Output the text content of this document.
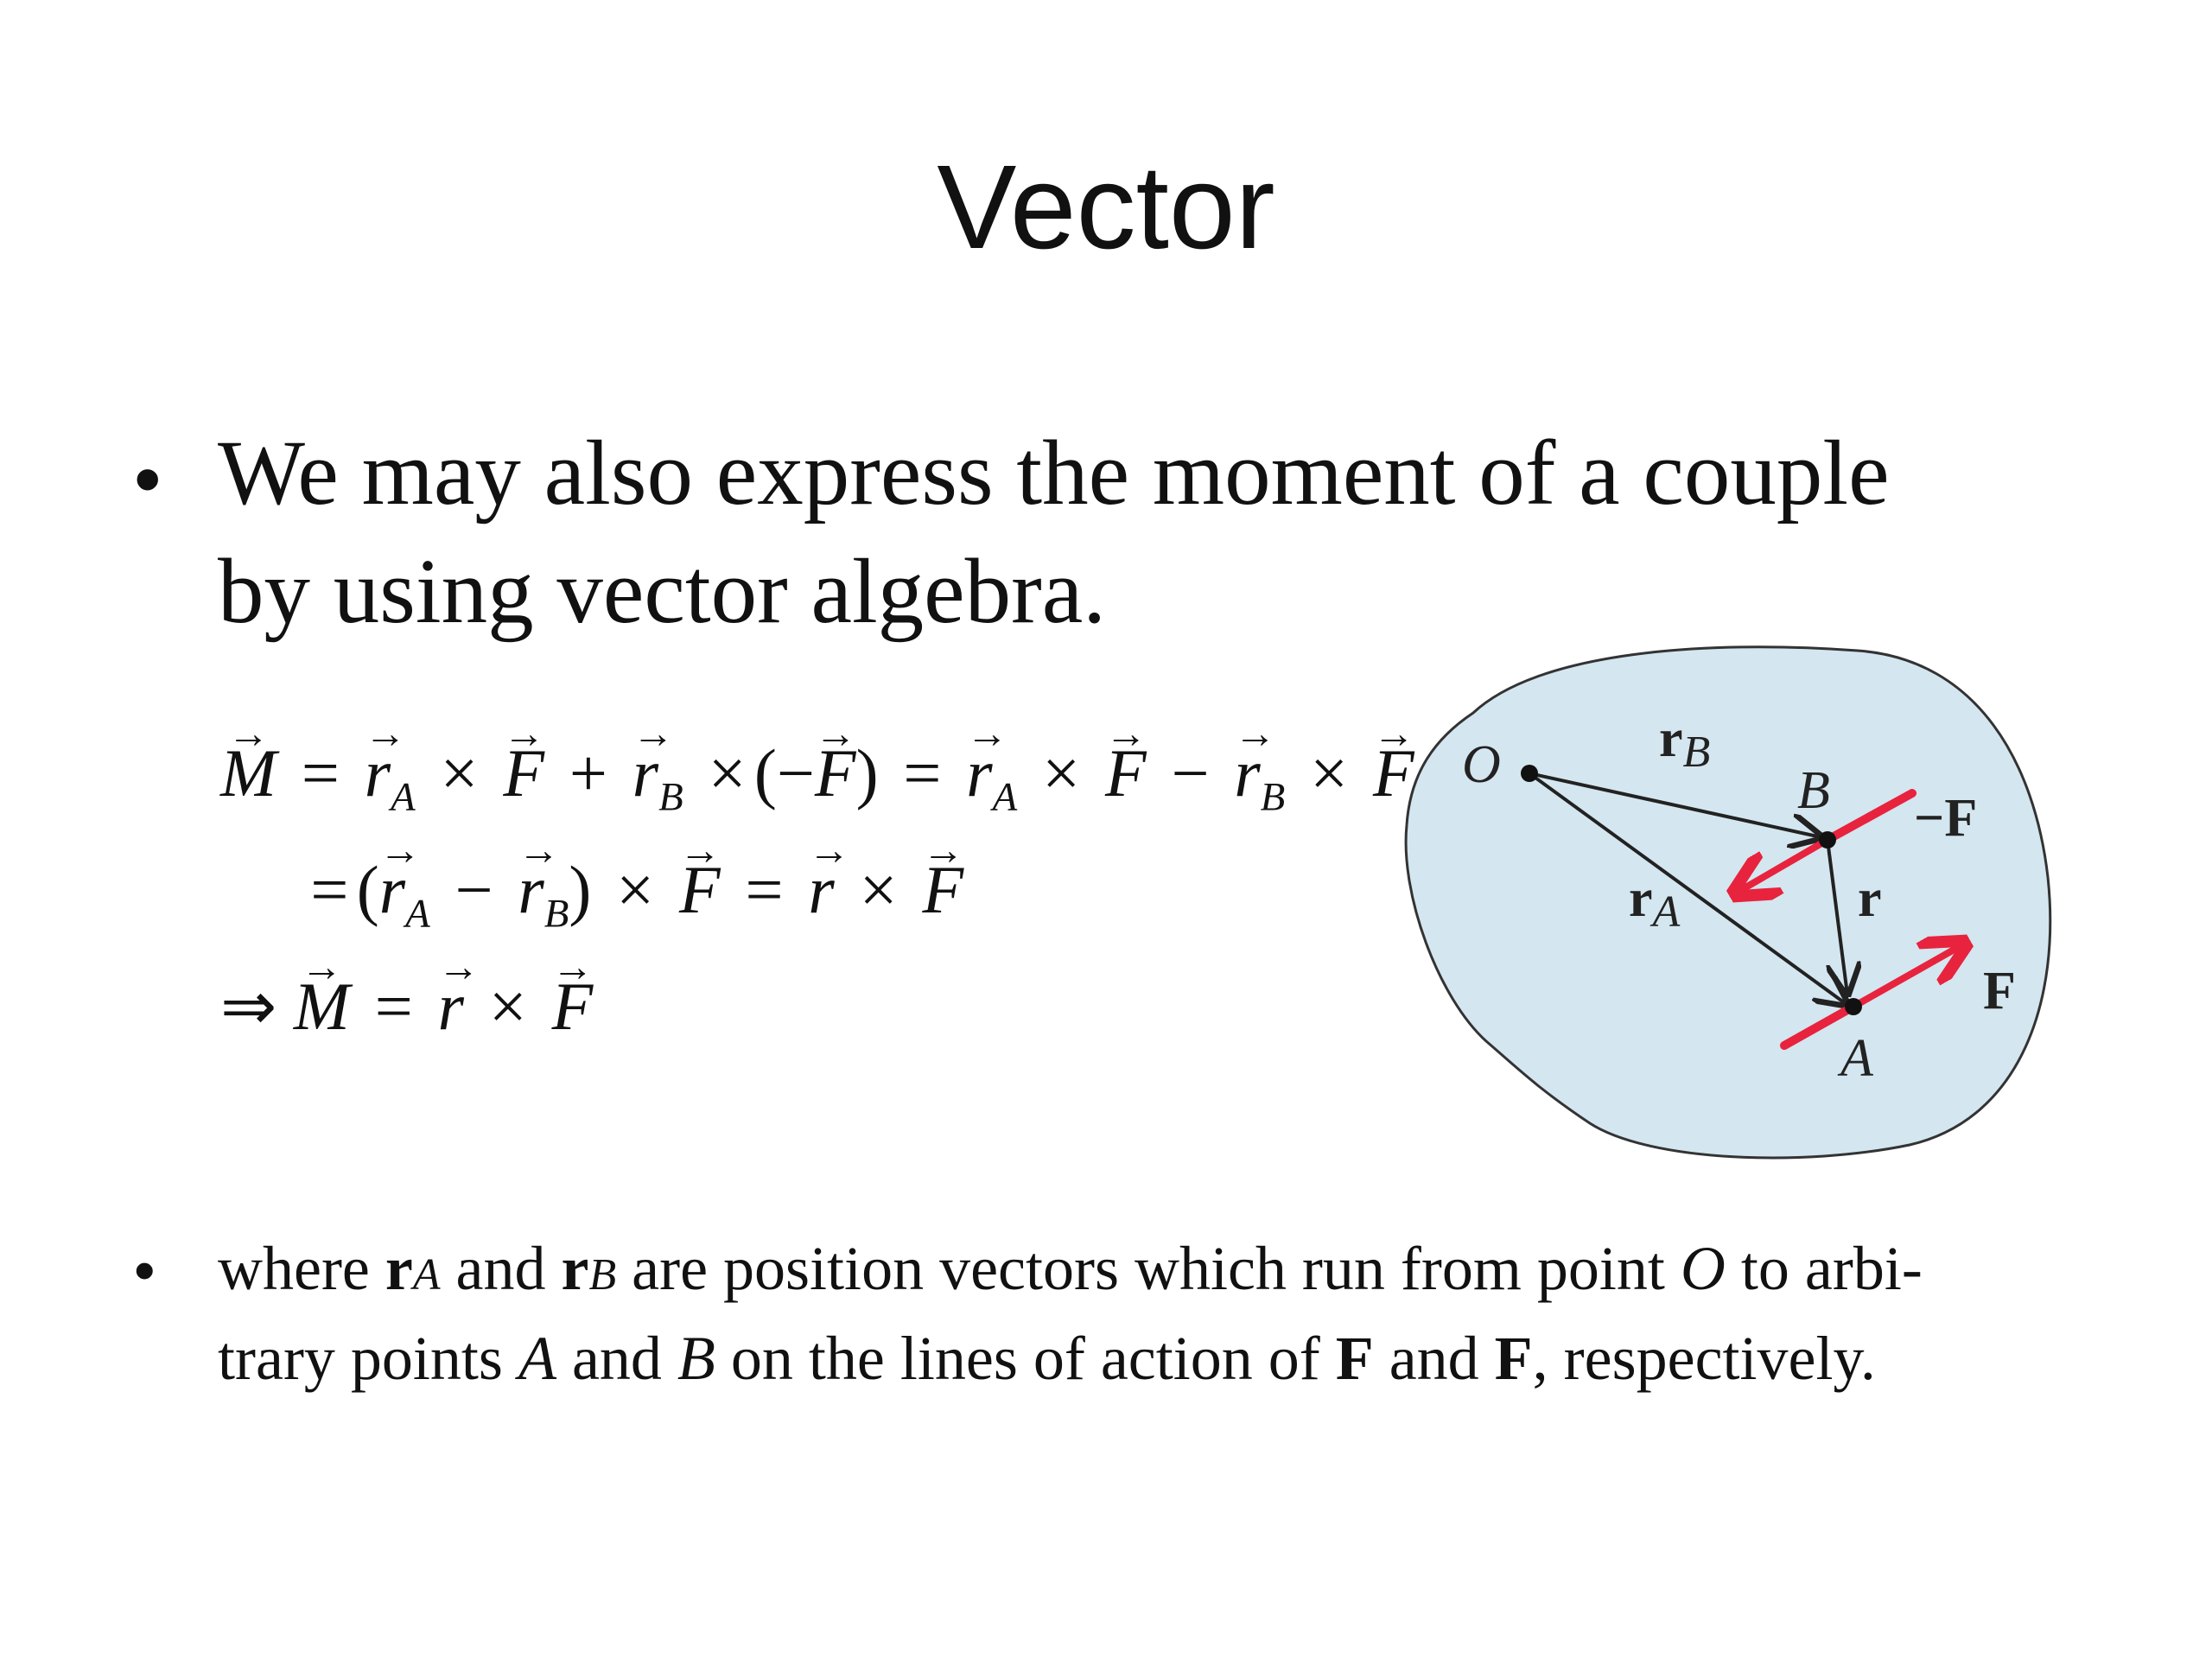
Vector
• We may also express the moment of a couple
by using vector algebra.
→ M = → $r_A$ × → F + → $r_B$ × (−→ F) = → $r_A$ × → F − → $r_B$ × → F
= (→ $r_A$ − → $r_B$) × → F = → r × → F
⇒ → M = → r × → F
O	B
A
rB
rA	r
−F
F
• where rA and rB are position vectors which run from point O to arbi-
trary points A and B on the lines of action of F and F, respectively.
